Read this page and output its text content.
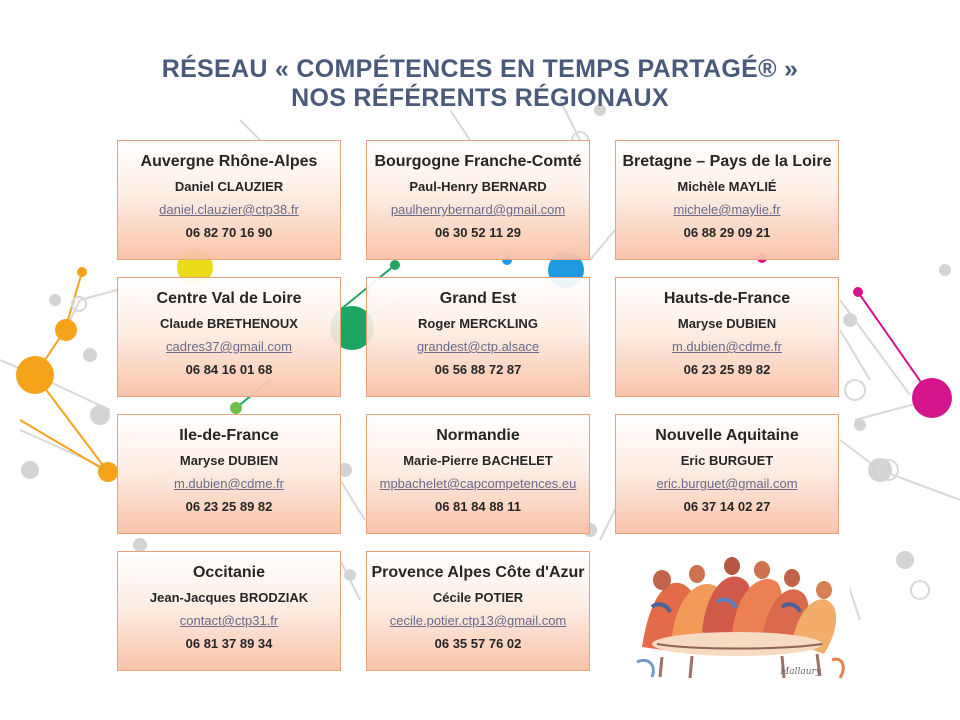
RÉSEAU « COMPÉTENCES EN TEMPS PARTAGÉ® »
NOS RÉFÉRENTS RÉGIONAUX
Auvergne Rhône-Alpes
Daniel CLAUZIER
daniel.clauzier@ctp38.fr
06 82 70 16 90
Bourgogne Franche-Comté
Paul-Henry BERNARD
paulhenrybernard@gmail.com
06 30 52 11 29
Bretagne – Pays de la Loire
Michèle MAYLIÉ
michele@maylie.fr
06 88 29 09 21
Centre Val de Loire
Claude BRETHENOUX
cadres37@gmail.com
06 84 16 01 68
Grand Est
Roger MERCKLING
grandest@ctp.alsace
06 56 88 72 87
Hauts-de-France
Maryse DUBIEN
m.dubien@cdme.fr
06 23 25 89 82
Ile-de-France
Maryse DUBIEN
m.dubien@cdme.fr
06 23 25 89 82
Normandie
Marie-Pierre BACHELET
mpbachelet@capcompetences.eu
06 81 84 88 11
Nouvelle Aquitaine
Eric BURGUET
eric.burguet@gmail.com
06 37 14 02 27
Occitanie
Jean-Jacques BRODZIAK
contact@ctp31.fr
06 81 37 89 34
Provence Alpes Côte d'Azur
Cécile POTIER
cecile.potier.ctp13@gmail.com
06 35 57 76 02
Mallaury
